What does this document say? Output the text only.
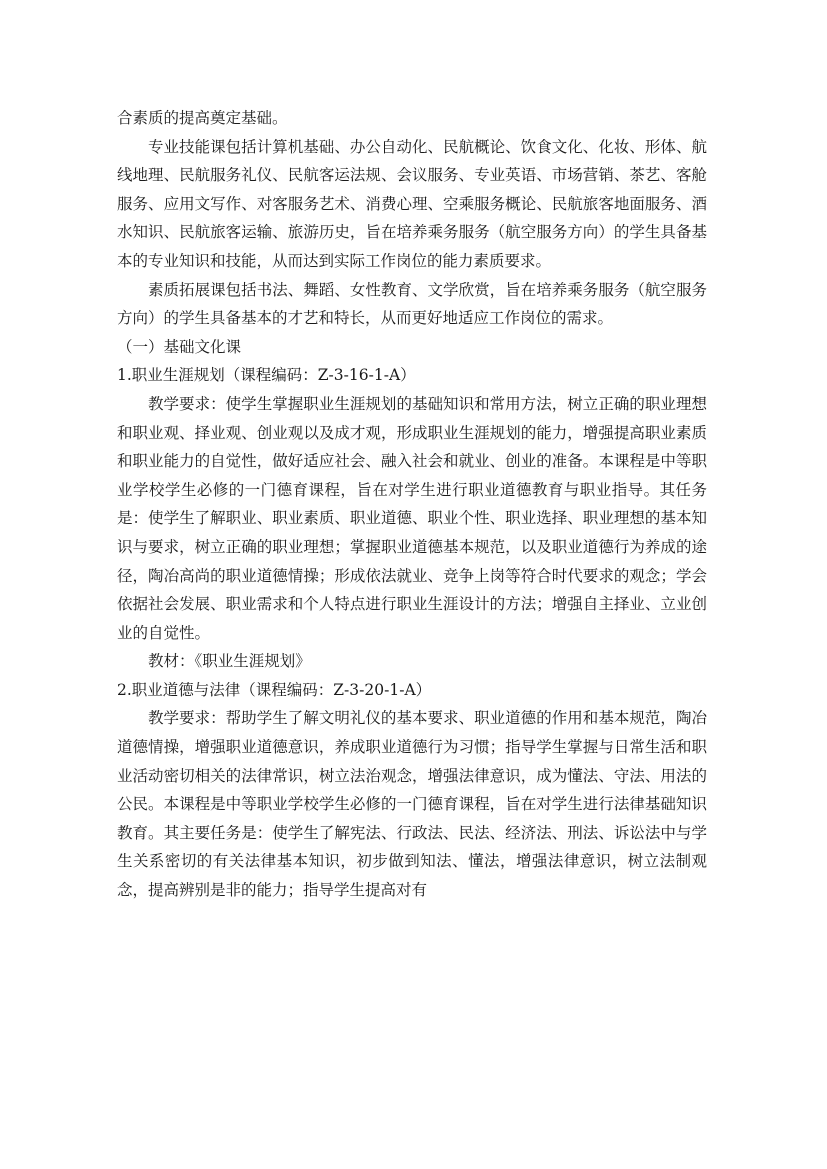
合素质的提高奠定基础。

专业技能课包括计算机基础、办公自动化、民航概论、饮食文化、化妆、形体、航线地理、民航服务礼仪、民航客运法规、会议服务、专业英语、市场营销、茶艺、客舱服务、应用文写作、对客服务艺术、消费心理、空乘服务概论、民航旅客地面服务、酒水知识、民航旅客运输、旅游历史，旨在培养乘务服务（航空服务方向）的学生具备基本的专业知识和技能，从而达到实际工作岗位的能力素质要求。

素质拓展课包括书法、舞蹈、女性教育、文学欣赏，旨在培养乘务服务（航空服务方向）的学生具备基本的才艺和特长，从而更好地适应工作岗位的需求。

（一）基础文化课

1.职业生涯规划（课程编码：Z-3-16-1-A）

教学要求：使学生掌握职业生涯规划的基础知识和常用方法，树立正确的职业理想和职业观、择业观、创业观以及成才观，形成职业生涯规划的能力，增强提高职业素质和职业能力的自觉性，做好适应社会、融入社会和就业、创业的准备。本课程是中等职业学校学生必修的一门德育课程，旨在对学生进行职业道德教育与职业指导。其任务是：使学生了解职业、职业素质、职业道德、职业个性、职业选择、职业理想的基本知识与要求，树立正确的职业理想；掌握职业道德基本规范，以及职业道德行为养成的途径，陶冶高尚的职业道德情操；形成依法就业、竞争上岗等符合时代要求的观念；学会依据社会发展、职业需求和个人特点进行职业生涯设计的方法；增强自主择业、立业创业的自觉性。

教材：《职业生涯规划》

2.职业道德与法律（课程编码：Z-3-20-1-A）

教学要求：帮助学生了解文明礼仪的基本要求、职业道德的作用和基本规范，陶冶道德情操，增强职业道德意识，养成职业道德行为习惯；指导学生掌握与日常生活和职业活动密切相关的法律常识，树立法治观念，增强法律意识，成为懂法、守法、用法的公民。本课程是中等职业学校学生必修的一门德育课程，旨在对学生进行法律基础知识教育。其主要任务是：使学生了解宪法、行政法、民法、经济法、刑法、诉讼法中与学生关系密切的有关法律基本知识，初步做到知法、懂法，增强法律意识，树立法制观念，提高辨别是非的能力；指导学生提高对有
